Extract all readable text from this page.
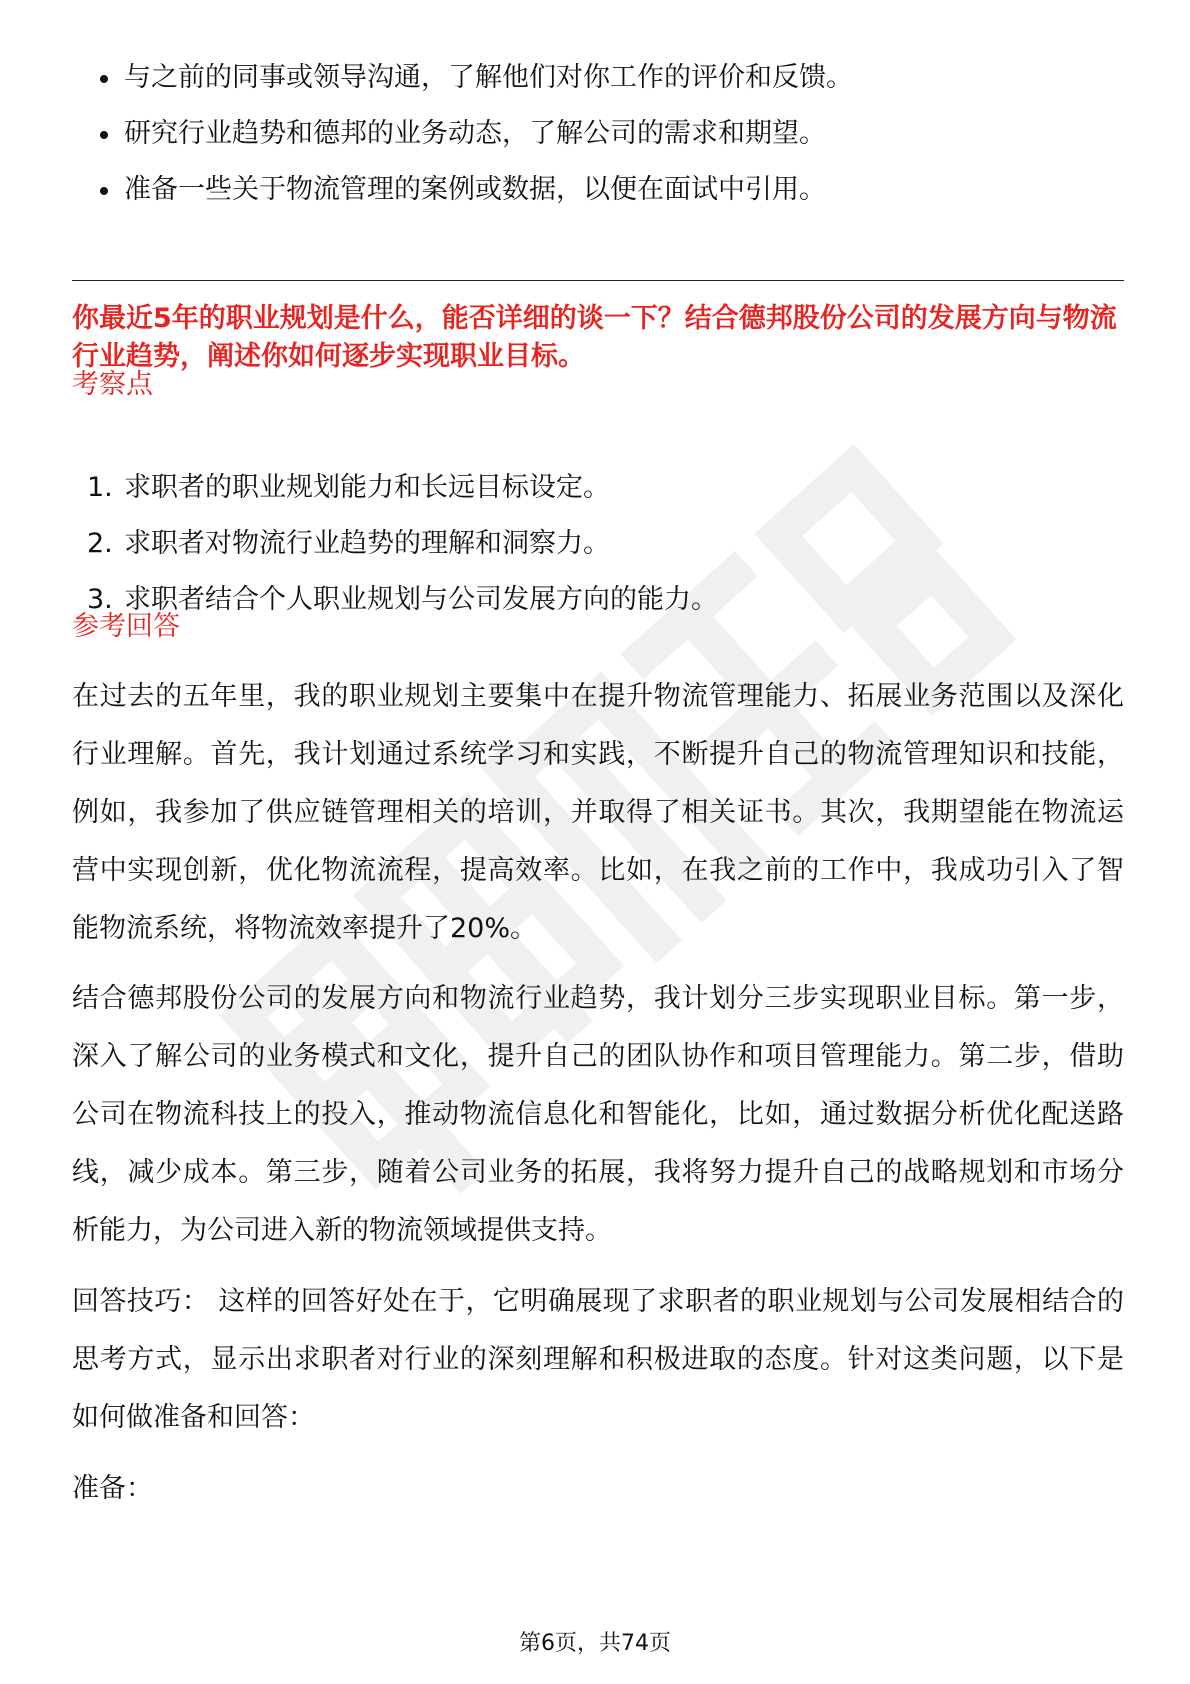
与之前的同事或领导沟通，了解他们对你工作的评价和反馈。
研究行业趋势和德邦的业务动态，了解公司的需求和期望。
准备一些关于物流管理的案例或数据，以便在面试中引用。
你最近5年的职业规划是什么，能否详细的谈一下？结合德邦股份公司的发展方向与物流行业趋势，阐述你如何逐步实现职业目标。
考察点
1. 求职者的职业规划能力和长远目标设定。
2. 求职者对物流行业趋势的理解和洞察力。
3. 求职者结合个人职业规划与公司发展方向的能力。
参考回答

在过去的五年里，我的职业规划主要集中在提升物流管理能力、拓展业务范围以及深化行业理解。首先，我计划通过系统学习和实践，不断提升自己的物流管理知识和技能，例如，我参加了供应链管理相关的培训，并取得了相关证书。其次，我期望能在物流运营中实现创新，优化物流流程，提高效率。比如，在我之前的工作中，我成功引入了智能物流系统，将物流效率提升了20%。

结合德邦股份公司的发展方向和物流行业趋势，我计划分三步实现职业目标。第一步，深入了解公司的业务模式和文化，提升自己的团队协作和项目管理能力。第二步，借助公司在物流科技上的投入，推动物流信息化和智能化，比如，通过数据分析优化配送路线，减少成本。第三步，随着公司业务的拓展，我将努力提升自己的战略规划和市场分析能力，为公司进入新的物流领域提供支持。

回答技巧： 这样的回答好处在于，它明确展现了求职者的职业规划与公司发展相结合的思考方式，显示出求职者对行业的深刻理解和积极进取的态度。针对这类问题，以下是如何做准备和回答：

准备：

第6页，共74页
